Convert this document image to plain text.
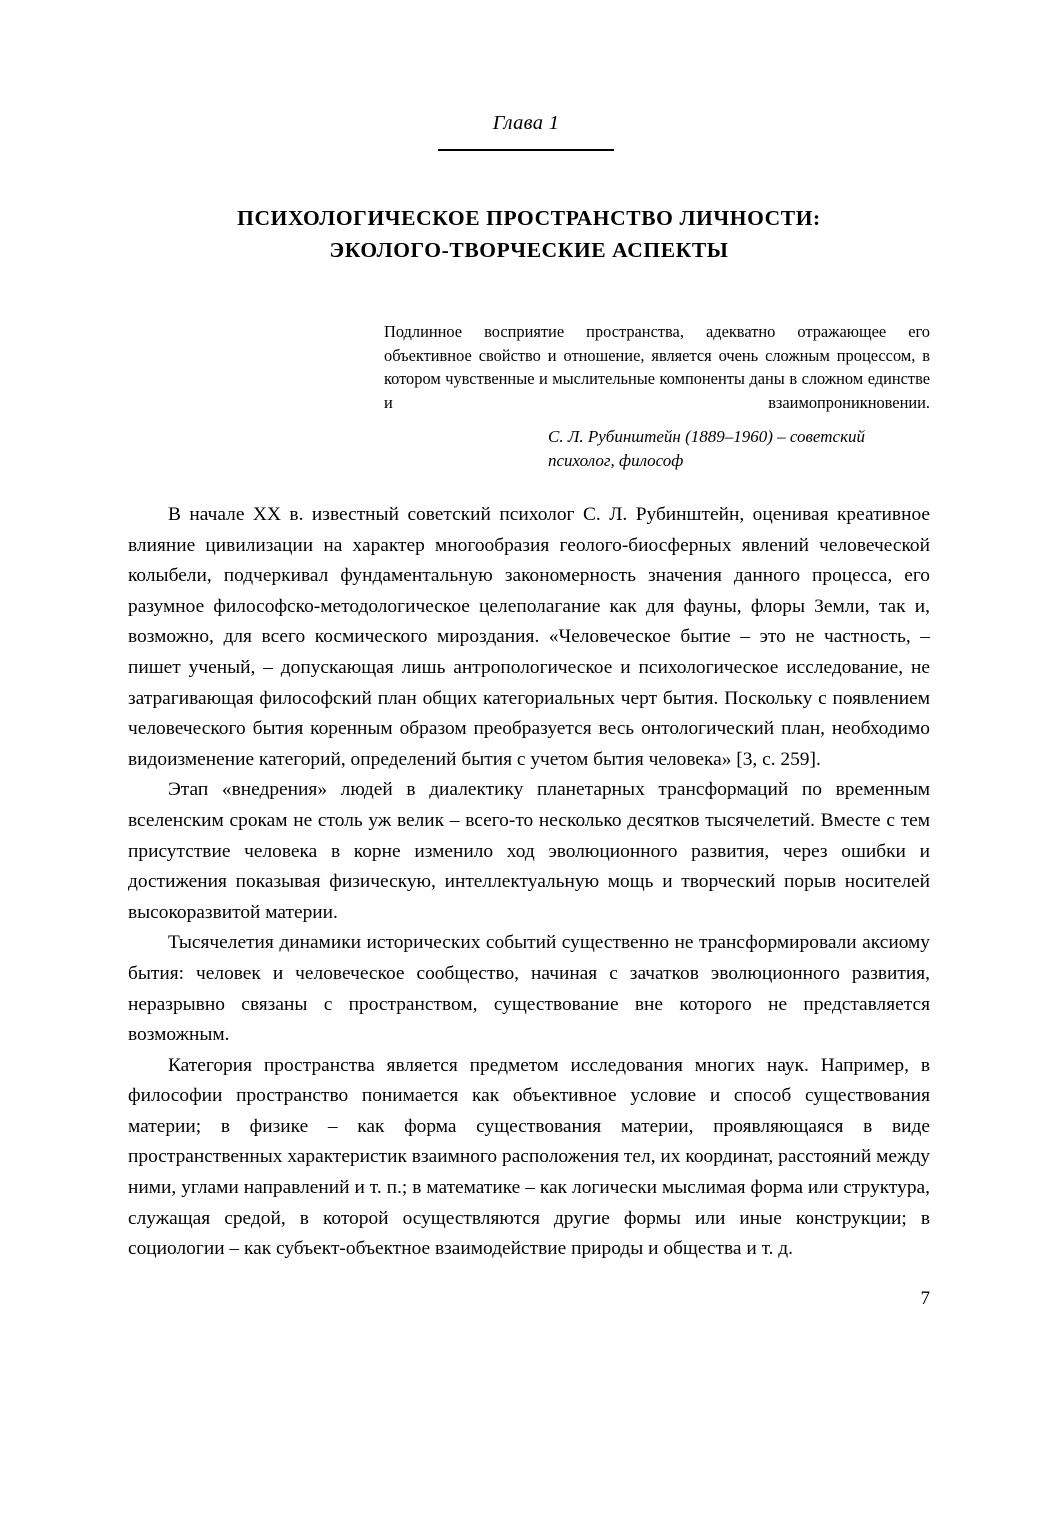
Глава 1
ПСИХОЛОГИЧЕСКОЕ ПРОСТРАНСТВО ЛИЧНОСТИ:
ЭКОЛОГО-ТВОРЧЕСКИЕ АСПЕКТЫ
Подлинное восприятие пространства, адекватно отражающее его объективное свойство и отношение, является очень сложным процессом, в котором чувственные и мыслительные компоненты даны в сложном единстве и взаимопроникновении.
С. Л. Рубинштейн (1889–1960) – советский психолог, философ

В начале XX в. известный советский психолог С. Л. Рубинштейн, оценивая креативное влияние цивилизации на характер многообразия геолого-биосферных явлений человеческой колыбели, подчеркивал фундаментальную закономерность значения данного процесса, его разумное философско-методологическое целеполагание как для фауны, флоры Земли, так и, возможно, для всего космического мироздания. «Человеческое бытие – это не частность, – пишет ученый, – допускающая лишь антропологическое и психологическое исследование, не затрагивающая философский план общих категориальных черт бытия. Поскольку с появлением человеческого бытия коренным образом преобразуется весь онтологический план, необходимо видоизменение категорий, определений бытия с учетом бытия человека» [3, с. 259].

Этап «внедрения» людей в диалектику планетарных трансформаций по временным вселенским срокам не столь уж велик – всего-то несколько десятков тысячелетий. Вместе с тем присутствие человека в корне изменило ход эволюционного развития, через ошибки и достижения показывая физическую, интеллектуальную мощь и творческий порыв носителей высокоразвитой материи.

Тысячелетия динамики исторических событий существенно не трансформировали аксиому бытия: человек и человеческое сообщество, начиная с зачатков эволюционного развития, неразрывно связаны с пространством, существование вне которого не представляется возможным.

Категория пространства является предметом исследования многих наук. Например, в философии пространство понимается как объективное условие и способ существования материи; в физике – как форма существования материи, проявляющаяся в виде пространственных характеристик взаимного расположения тел, их координат, расстояний между ними, углами направлений и т. п.; в математике – как логически мыслимая форма или структура, служащая средой, в которой осуществляются другие формы или иные конструкции; в социологии – как субъект-объектное взаимодействие природы и общества и т. д.

7
